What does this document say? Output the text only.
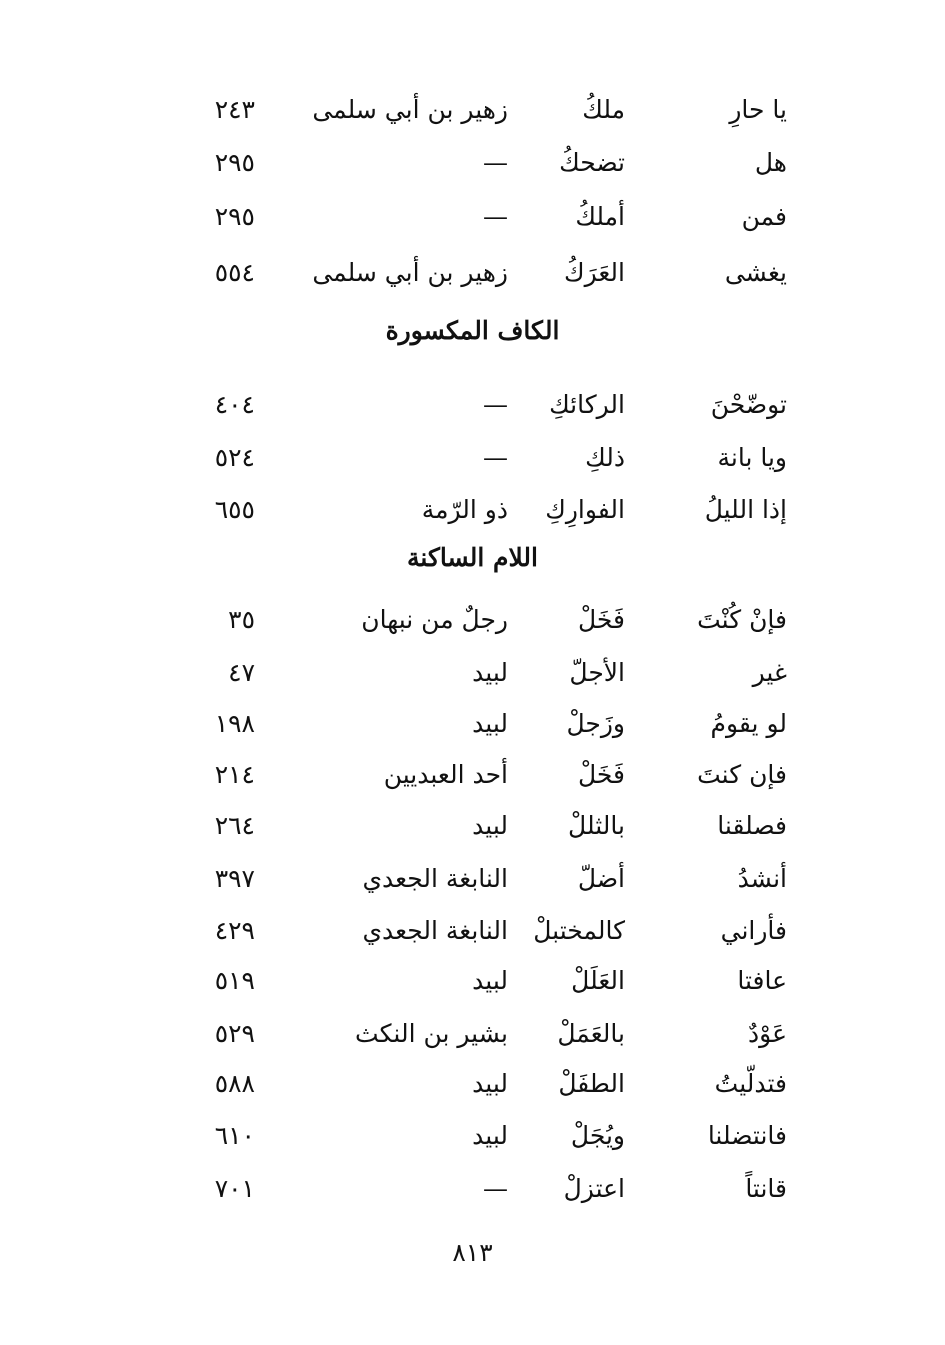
يا حارِ
ملكُ
زهير بن أبي سلمى
٢٤٣
هل
تضحكُ
—
٢٩٥
فمن
أملكُ
—
٢٩٥
يغشى
العَرَكُ
زهير بن أبي سلمى
٥٥٤
الكاف المكسورة
توضّحْنَ
الركائكِ
—
٤٠٤
ويا بانة
ذلكِ
—
٥٢٤
إذا الليلُ
الفوارِكِ
ذو الرّمة
٦٥٥
اللام الساكنة
فإنْ كُنْتَ
فَخَلْ
رجلٌ من نبهان
٣٥
غير
الأجلّ
لبيد
٤٧
لو يقومُ
وزَجلْ
لبيد
١٩٨
فإن كنتَ
فَخَلْ
أحد العبديين
٢١٤
فصلقنا
بالثللْ
لبيد
٢٦٤
أنشدُ
أضلّ
النابغة الجعدي
٣٩٧
فأراني
كالمختبلْ
النابغة الجعدي
٤٢٩
عافتا
العَلَلْ
لبيد
٥١٩
عَوْدٌ
بالعَمَلْ
بشير بن النكث
٥٢٩
فتدلّيتُ
الطفَلْ
لبيد
٥٨٨
فانتضلنا
ويُجَلْ
لبيد
٦١٠
قانتاً
اعتزلْ
—
٧٠١
٨١٣
